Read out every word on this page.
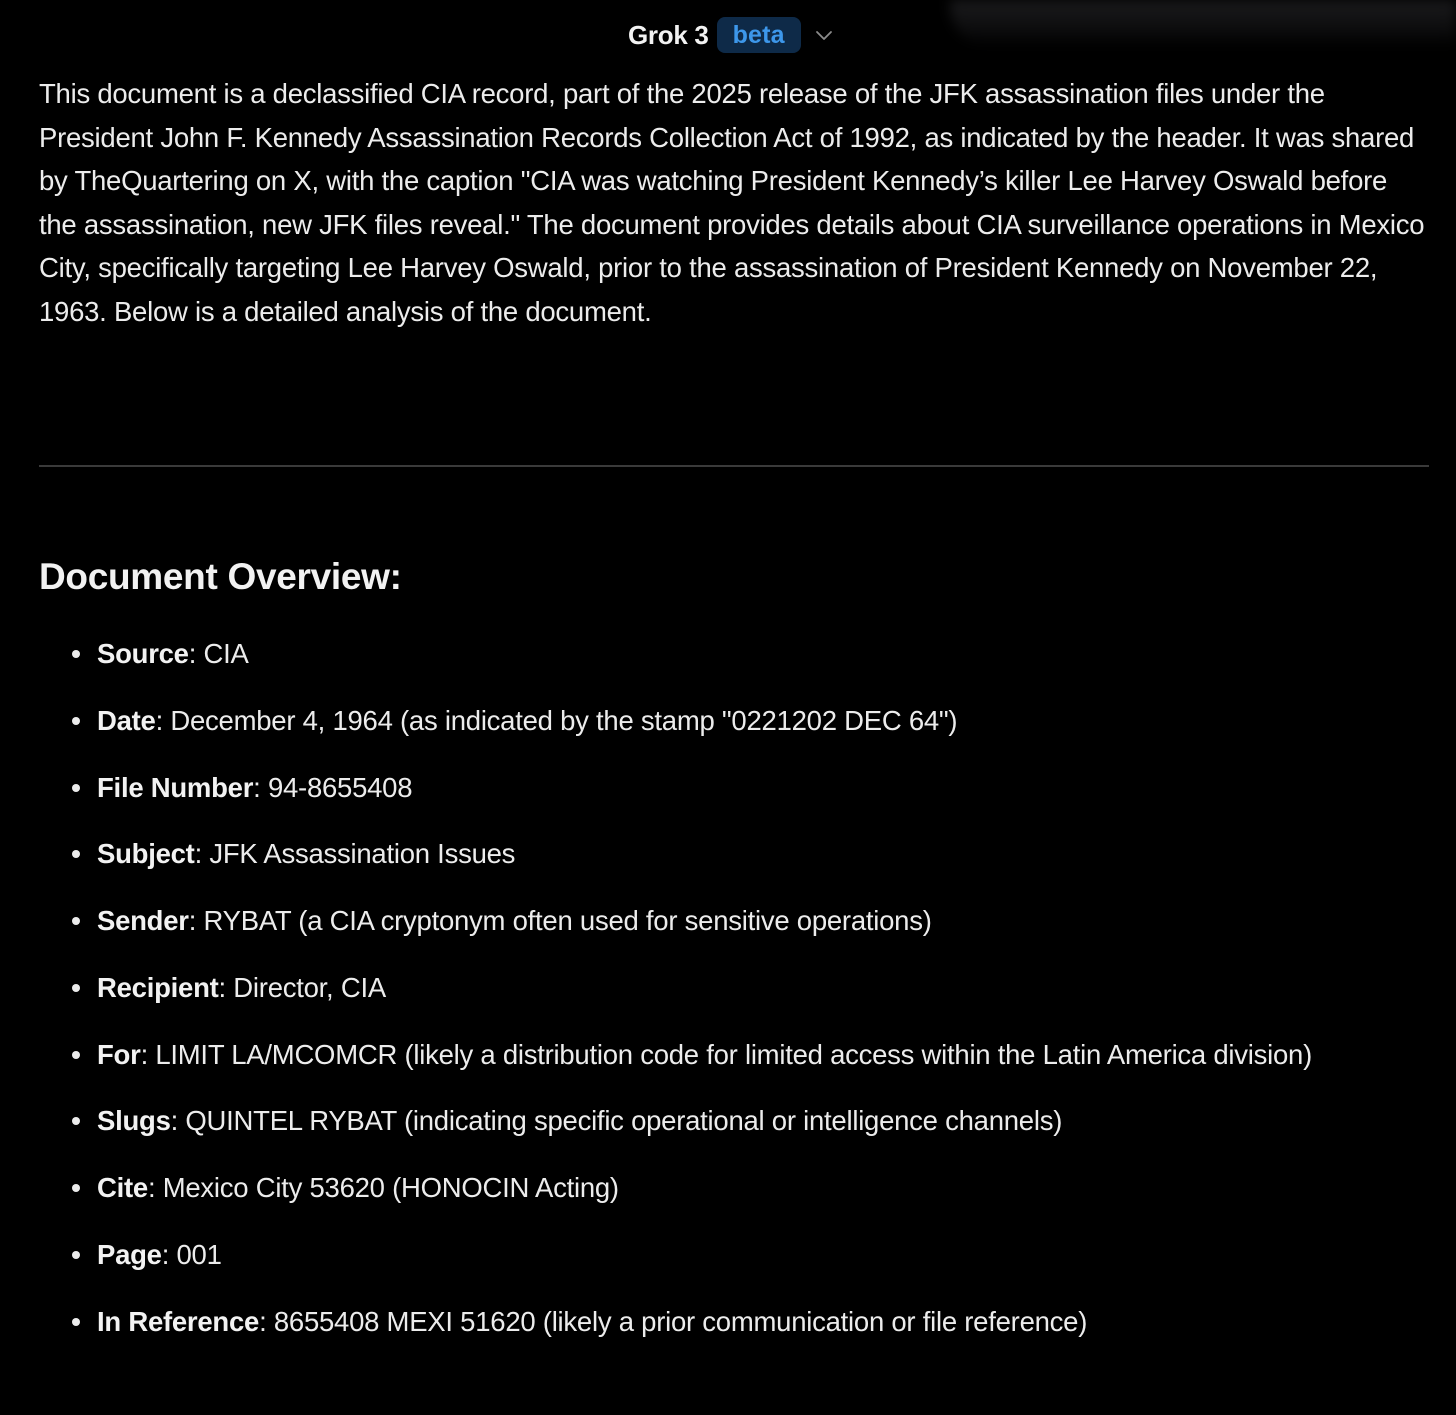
Grok 3 beta

This document is a declassified CIA record, part of the 2025 release of the JFK assassination files under the President John F. Kennedy Assassination Records Collection Act of 1992, as indicated by the header. It was shared by TheQuartering on X, with the caption "CIA was watching President Kennedy’s killer Lee Harvey Oswald before the assassination, new JFK files reveal." The document provides details about CIA surveillance operations in Mexico City, specifically targeting Lee Harvey Oswald, prior to the assassination of President Kennedy on November 22, 1963. Below is a detailed analysis of the document.

Document Overview:
Source: CIA
Date: December 4, 1964 (as indicated by the stamp "0221202 DEC 64")
File Number: 94-8655408
Subject: JFK Assassination Issues
Sender: RYBAT (a CIA cryptonym often used for sensitive operations)
Recipient: Director, CIA
For: LIMIT LA/MCOMCR (likely a distribution code for limited access within the Latin America division)
Slugs: QUINTEL RYBAT (indicating specific operational or intelligence channels)
Cite: Mexico City 53620 (HONOCIN Acting)
Page: 001
In Reference: 8655408 MEXI 51620 (likely a prior communication or file reference)
